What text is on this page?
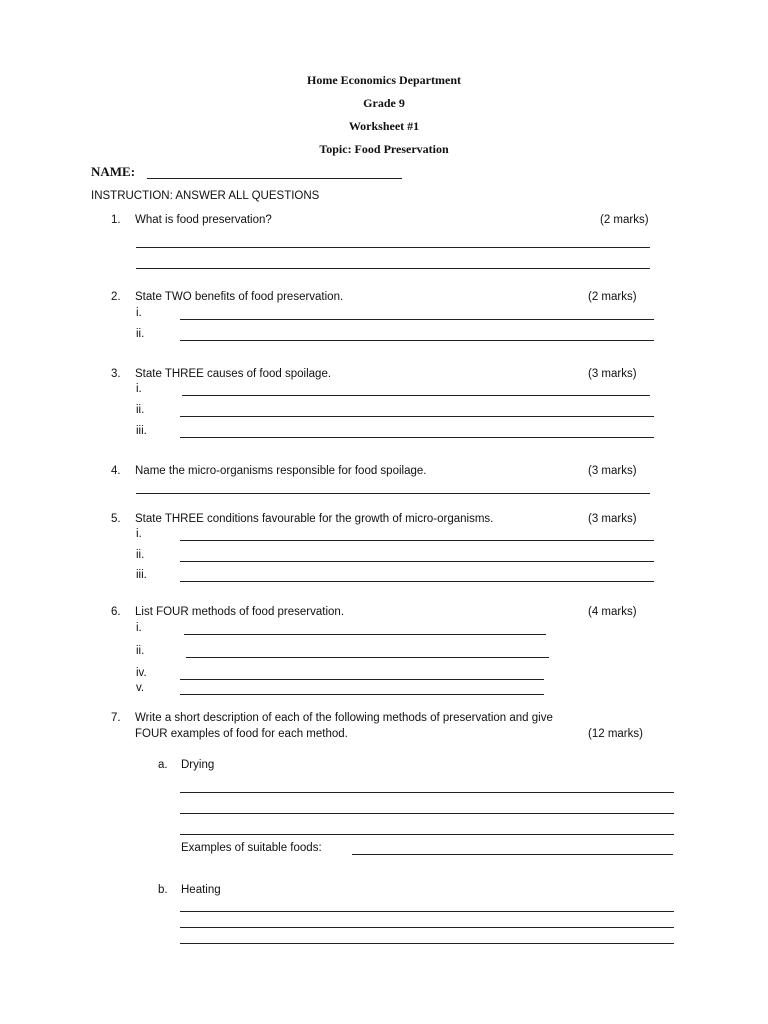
Home Economics Department
Grade 9
Worksheet #1
Topic: Food Preservation
NAME:
INSTRUCTION: ANSWER ALL QUESTIONS
1. What is food preservation?	(2 marks)
2. State TWO benefits of food preservation.	(2 marks)
i.
ii.
3. State THREE causes of food spoilage.	(3 marks)
i.
ii.
iii.
4. Name the micro-organisms responsible for food spoilage.	(3 marks)
5. State THREE conditions favourable for the growth of micro-organisms.	(3 marks)
i.
ii.
iii.
6. List FOUR methods of food preservation.	(4 marks)
i.
ii.
iv.
v.
7. Write a short description of each of the following methods of preservation and give
FOUR examples of food for each method.	(12 marks)
a. Drying
Examples of suitable foods:
b. Heating
